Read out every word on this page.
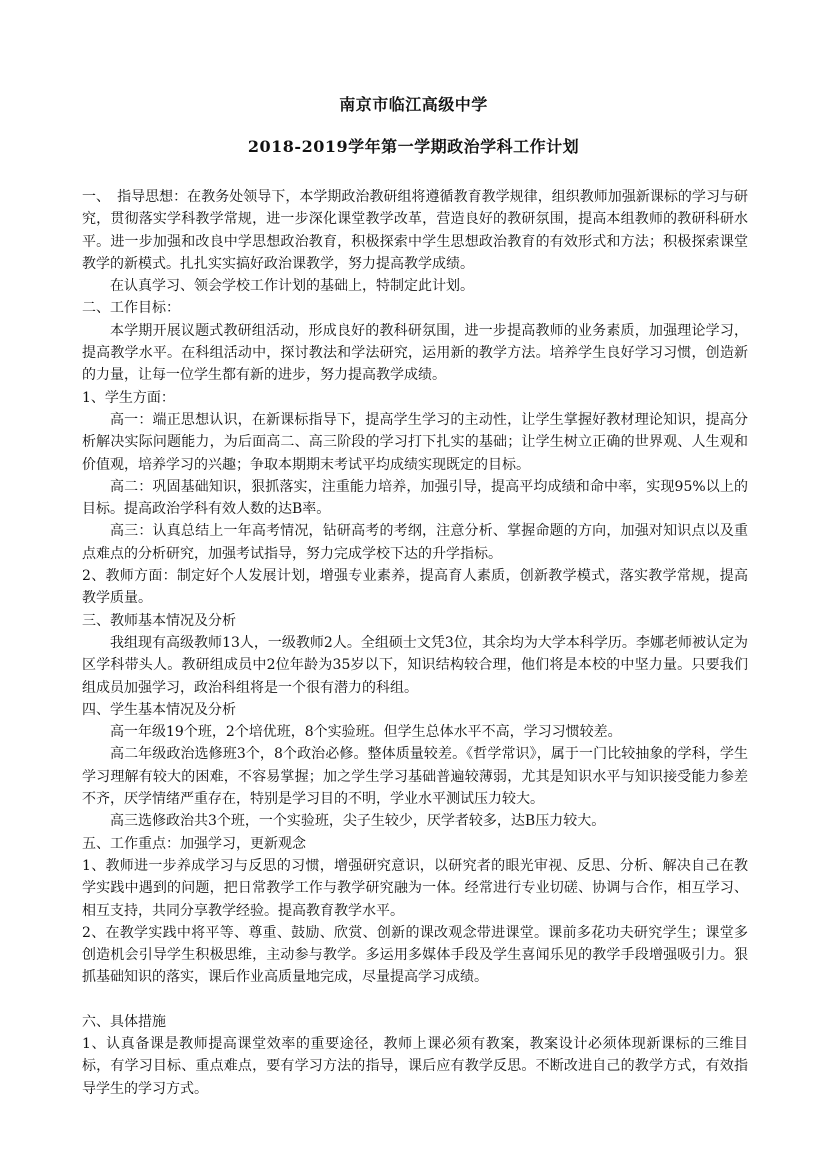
南京市临江高级中学
2018-2019学年第一学期政治学科工作计划

一、　指导思想：在教务处领导下，本学期政治教研组将遵循教育教学规律，组织教师加强新课标的学习与研究，贯彻落实学科教学常规，进一步深化课堂教学改革，营造良好的教研氛围，提高本组教师的教研科研水平。进一步加强和改良中学思想政治教育，积极探索中学生思想政治教育的有效形式和方法；积极探索课堂教学的新模式。扎扎实实搞好政治课教学，努力提高教学成绩。

在认真学习、领会学校工作计划的基础上，特制定此计划。

二、工作目标：

本学期开展议题式教研组活动，形成良好的教科研氛围，进一步提高教师的业务素质，加强理论学习，提高教学水平。在科组活动中，探讨教法和学法研究，运用新的教学方法。培养学生良好学习习惯，创造新的力量，让每一位学生都有新的进步，努力提高教学成绩。

1、学生方面：

高一：端正思想认识，在新课标指导下，提高学生学习的主动性，让学生掌握好教材理论知识，提高分析解决实际问题能力，为后面高二、高三阶段的学习打下扎实的基础；让学生树立正确的世界观、人生观和价值观，培养学习的兴趣；争取本期期末考试平均成绩实现既定的目标。

高二：巩固基础知识，狠抓落实，注重能力培养，加强引导，提高平均成绩和命中率，实现95%以上的目标。提高政治学科有效人数的达B率。

高三：认真总结上一年高考情况，钻研高考的考纲，注意分析、掌握命题的方向，加强对知识点以及重点难点的分析研究，加强考试指导，努力完成学校下达的升学指标。

2、教师方面：制定好个人发展计划，增强专业素养，提高育人素质，创新教学模式，落实教学常规，提高教学质量。

三、教师基本情况及分析

我组现有高级教师13人，一级教师2人。全组硕士文凭3位，其余均为大学本科学历。李娜老师被认定为区学科带头人。教研组成员中2位年龄为35岁以下，知识结构较合理，他们将是本校的中坚力量。只要我们组成员加强学习，政治科组将是一个很有潜力的科组。

四、学生基本情况及分析

高一年级19个班，2个培优班，8个实验班。但学生总体水平不高，学习习惯较差。

高二年级政治选修班3个，8个政治必修。整体质量较差。《哲学常识》，属于一门比较抽象的学科，学生学习理解有较大的困难，不容易掌握；加之学生学习基础普遍较薄弱，尤其是知识水平与知识接受能力参差不齐，厌学情绪严重存在，特别是学习目的不明，学业水平测试压力较大。

高三选修政治共3个班，一个实验班，尖子生较少，厌学者较多，达B压力较大。

五、工作重点：加强学习，更新观念

1、教师进一步养成学习与反思的习惯，增强研究意识，以研究者的眼光审视、反思、分析、解决自己在教学实践中遇到的问题，把日常教学工作与教学研究融为一体。经常进行专业切磋、协调与合作，相互学习、相互支持，共同分享教学经验。提高教育教学水平。

2、在教学实践中将平等、尊重、鼓励、欣赏、创新的课改观念带进课堂。课前多花功夫研究学生；课堂多创造机会引导学生积极思维，主动参与教学。多运用多媒体手段及学生喜闻乐见的教学手段增强吸引力。狠抓基础知识的落实，课后作业高质量地完成，尽量提高学习成绩。

六、具体措施

1、认真备课是教师提高课堂效率的重要途径，教师上课必须有教案，教案设计必须体现新课标的三维目标，有学习目标、重点难点，要有学习方法的指导，课后应有教学反思。不断改进自己的教学方式，有效指导学生的学习方式。
